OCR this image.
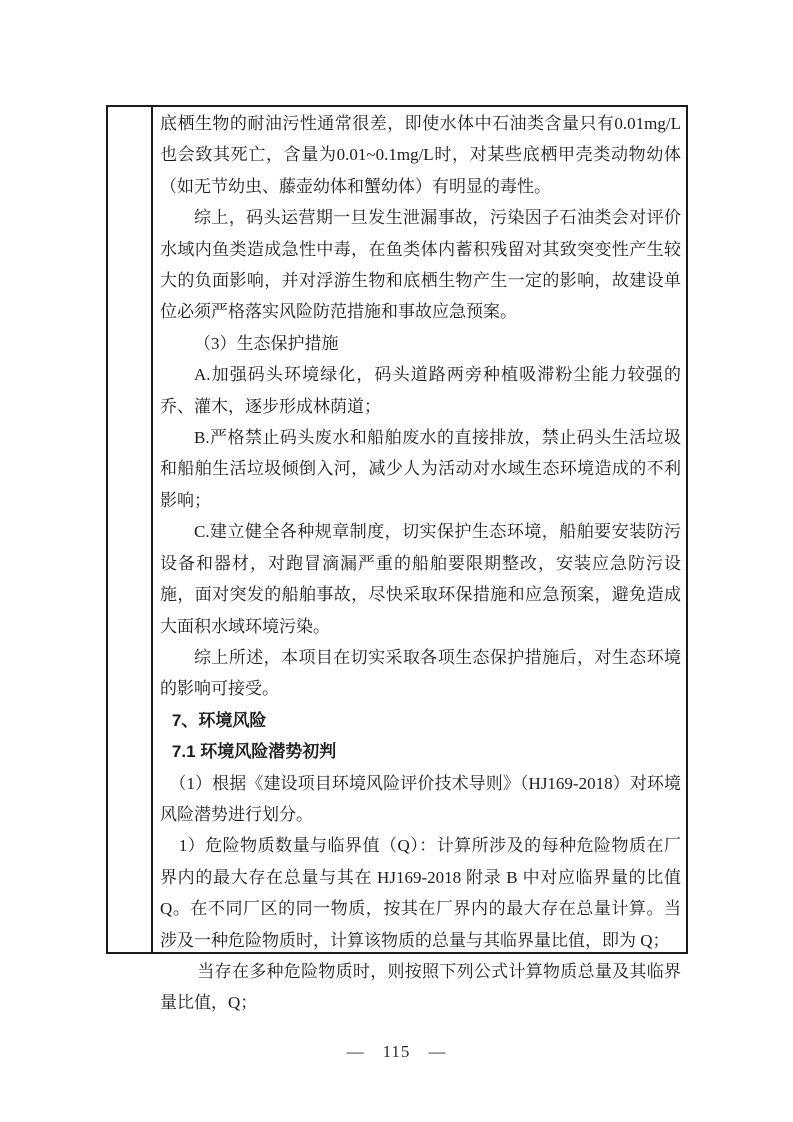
底栖生物的耐油污性通常很差，即使水体中石油类含量只有0.01mg/L也会致其死亡，含量为0.01~0.1mg/L时，对某些底栖甲壳类动物幼体（如无节幼虫、藤壶幼体和蟹幼体）有明显的毒性。

综上，码头运营期一旦发生泄漏事故，污染因子石油类会对评价水域内鱼类造成急性中毒，在鱼类体内蓄积残留对其致突变性产生较大的负面影响，并对浮游生物和底栖生物产生一定的影响，故建设单位必须严格落实风险防范措施和事故应急预案。

（3）生态保护措施

A.加强码头环境绿化，码头道路两旁种植吸滞粉尘能力较强的乔、灌木，逐步形成林荫道；

B.严格禁止码头废水和船舶废水的直接排放，禁止码头生活垃圾和船舶生活垃圾倾倒入河，减少人为活动对水域生态环境造成的不利影响；

C.建立健全各种规章制度，切实保护生态环境，船舶要安装防污设备和器材，对跑冒滴漏严重的船舶要限期整改，安装应急防污设施，面对突发的船舶事故，尽快采取环保措施和应急预案，避免造成大面积水域环境污染。

综上所述，本项目在切实采取各项生态保护措施后，对生态环境的影响可接受。

7、环境风险

7.1 环境风险潜势初判

（1）根据《建设项目环境风险评价技术导则》（HJ169-2018）对环境风险潜势进行划分。

1）危险物质数量与临界值（Q）：计算所涉及的每种危险物质在厂界内的最大存在总量与其在 HJ169-2018 附录 B 中对应临界量的比值 Q。在不同厂区的同一物质，按其在厂界内的最大存在总量计算。当涉及一种危险物质时，计算该物质的总量与其临界量比值，即为 Q；

当存在多种危险物质时，则按照下列公式计算物质总量及其临界量比值，Q；

— 115 —
